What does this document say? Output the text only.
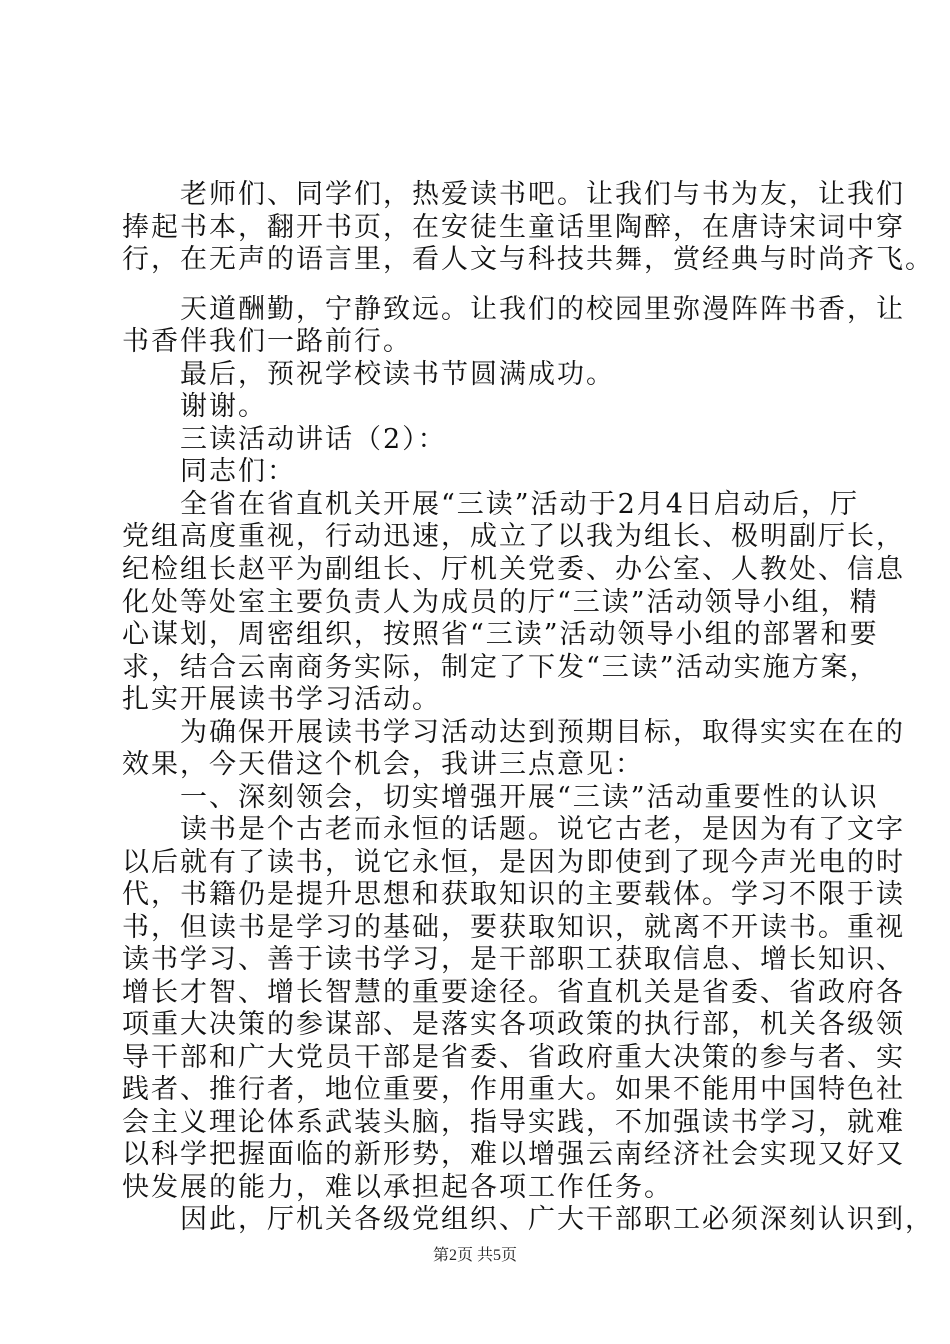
　　老师们、同学们，热爱读书吧。让我们与书为友，让我们
捧起书本，翻开书页，在安徒生童话里陶醉，在唐诗宋词中穿
行，在无声的语言里，看人文与科技共舞，赏经典与时尚齐飞。
　　天道酬勤，宁静致远。让我们的校园里弥漫阵阵书香，让
书香伴我们一路前行。
　　最后，预祝学校读书节圆满成功。
　　谢谢。
　　三读活动讲话（2）：
　　同志们：
　　全省在省直机关开展“三读”活动于2月4日启动后，厅
党组高度重视，行动迅速，成立了以我为组长、极明副厅长，
纪检组长赵平为副组长、厅机关党委、办公室、人教处、信息
化处等处室主要负责人为成员的厅“三读”活动领导小组，精
心谋划，周密组织，按照省“三读”活动领导小组的部署和要
求，结合云南商务实际，制定了下发“三读”活动实施方案，
扎实开展读书学习活动。
　　为确保开展读书学习活动达到预期目标，取得实实在在的
效果，今天借这个机会，我讲三点意见：
　　一、深刻领会，切实增强开展“三读”活动重要性的认识
　　读书是个古老而永恒的话题。说它古老，是因为有了文字
以后就有了读书，说它永恒，是因为即使到了现今声光电的时
代，书籍仍是提升思想和获取知识的主要载体。学习不限于读
书，但读书是学习的基础，要获取知识，就离不开读书。重视
读书学习、善于读书学习，是干部职工获取信息、增长知识、
增长才智、增长智慧的重要途径。省直机关是省委、省政府各
项重大决策的参谋部、是落实各项政策的执行部，机关各级领
导干部和广大党员干部是省委、省政府重大决策的参与者、实
践者、推行者，地位重要，作用重大。如果不能用中国特色社
会主义理论体系武装头脑，指导实践，不加强读书学习，就难
以科学把握面临的新形势，难以增强云南经济社会实现又好又
快发展的能力，难以承担起各项工作任务。
　　因此，厅机关各级党组织、广大干部职工必须深刻认识到，
第2页 共5页
